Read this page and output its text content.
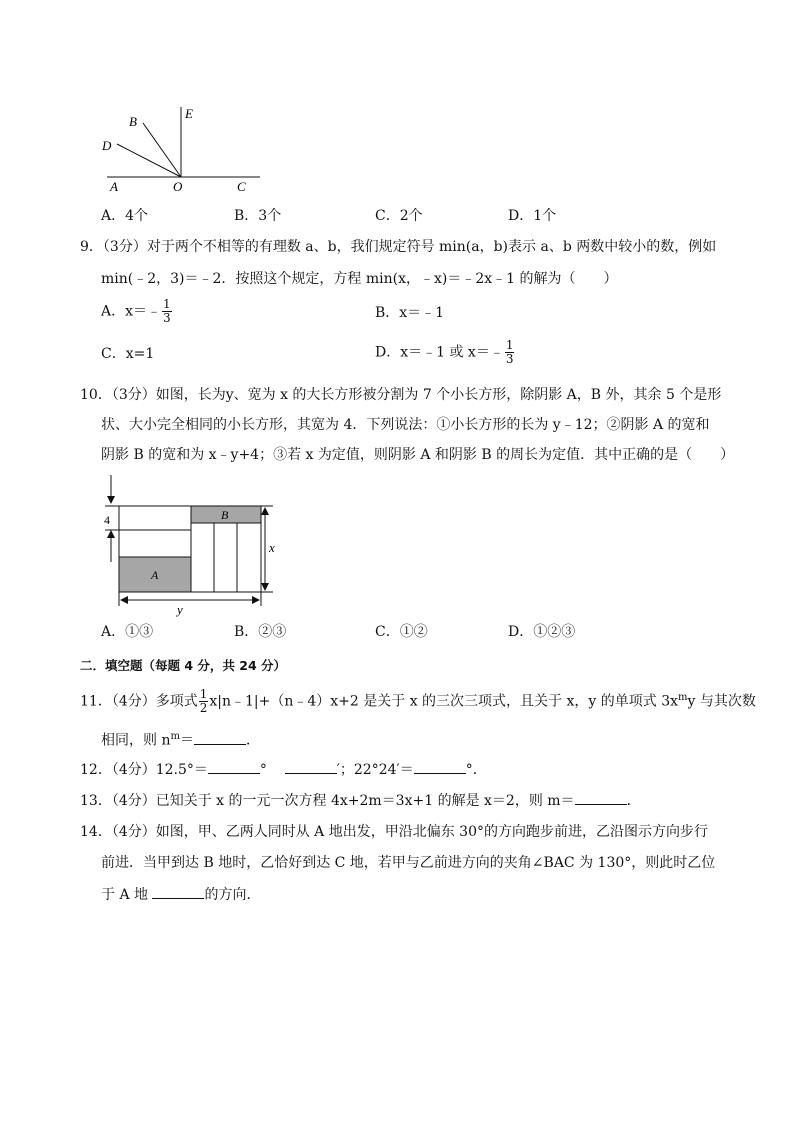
B
E
D
A	O	C
A．4个	B．3个	C．2个	D．1个
9．（3分）对于两个不相等的有理数 a、b，我们规定符号 min(a，b)表示 a、b 两数中较小的数，例如
min(﹣2，3)＝﹣2．按照这个规定，方程 min(x，﹣x)＝﹣2x﹣1 的解为（　　）
A．x＝﹣ $\frac{1}{3}$	B．x＝﹣1
C．x=1	D．x＝﹣1 或 x＝﹣ $\frac{1}{3}$
10．（3分）如图，长为y、宽为 x 的大长方形被分割为 7 个小长方形，除阴影 A，B 外，其余 5 个是形
状、大小完全相同的小长方形，其宽为 4．下列说法：①小长方形的长为 y﹣12；②阴影 A 的宽和
阴影 B 的宽和为 x﹣y+4；③若 x 为定值，则阴影 A 和阴影 B 的周长为定值．其中正确的是（　　）
4
A
B
x
y
A．①③	B．②③	C．①②	D．①②③
二．填空题（每题 4 分，共 24 分）
11．（4分）多项式 $\frac{1}{2}$ x|n﹣1|+（n﹣4）x+2 是关于 x 的三次三项式，且关于 x，y 的单项式 $3x^my$ 与其次数
相同，则 $n^m=$	．
12．（4分）12.5°＝	°	′；22°24′＝	°．
13．（4分）已知关于 x 的一元一次方程 4x+2m＝3x+1 的解是 x＝2，则 m＝	．
14．（4分）如图，甲、乙两人同时从 A 地出发，甲沿北偏东 30°的方向跑步前进，乙沿图示方向步行
前进．当甲到达 B 地时，乙恰好到达 C 地，若甲与乙前进方向的夹角∠BAC 为 130°，则此时乙位
于 A 地	的方向．
